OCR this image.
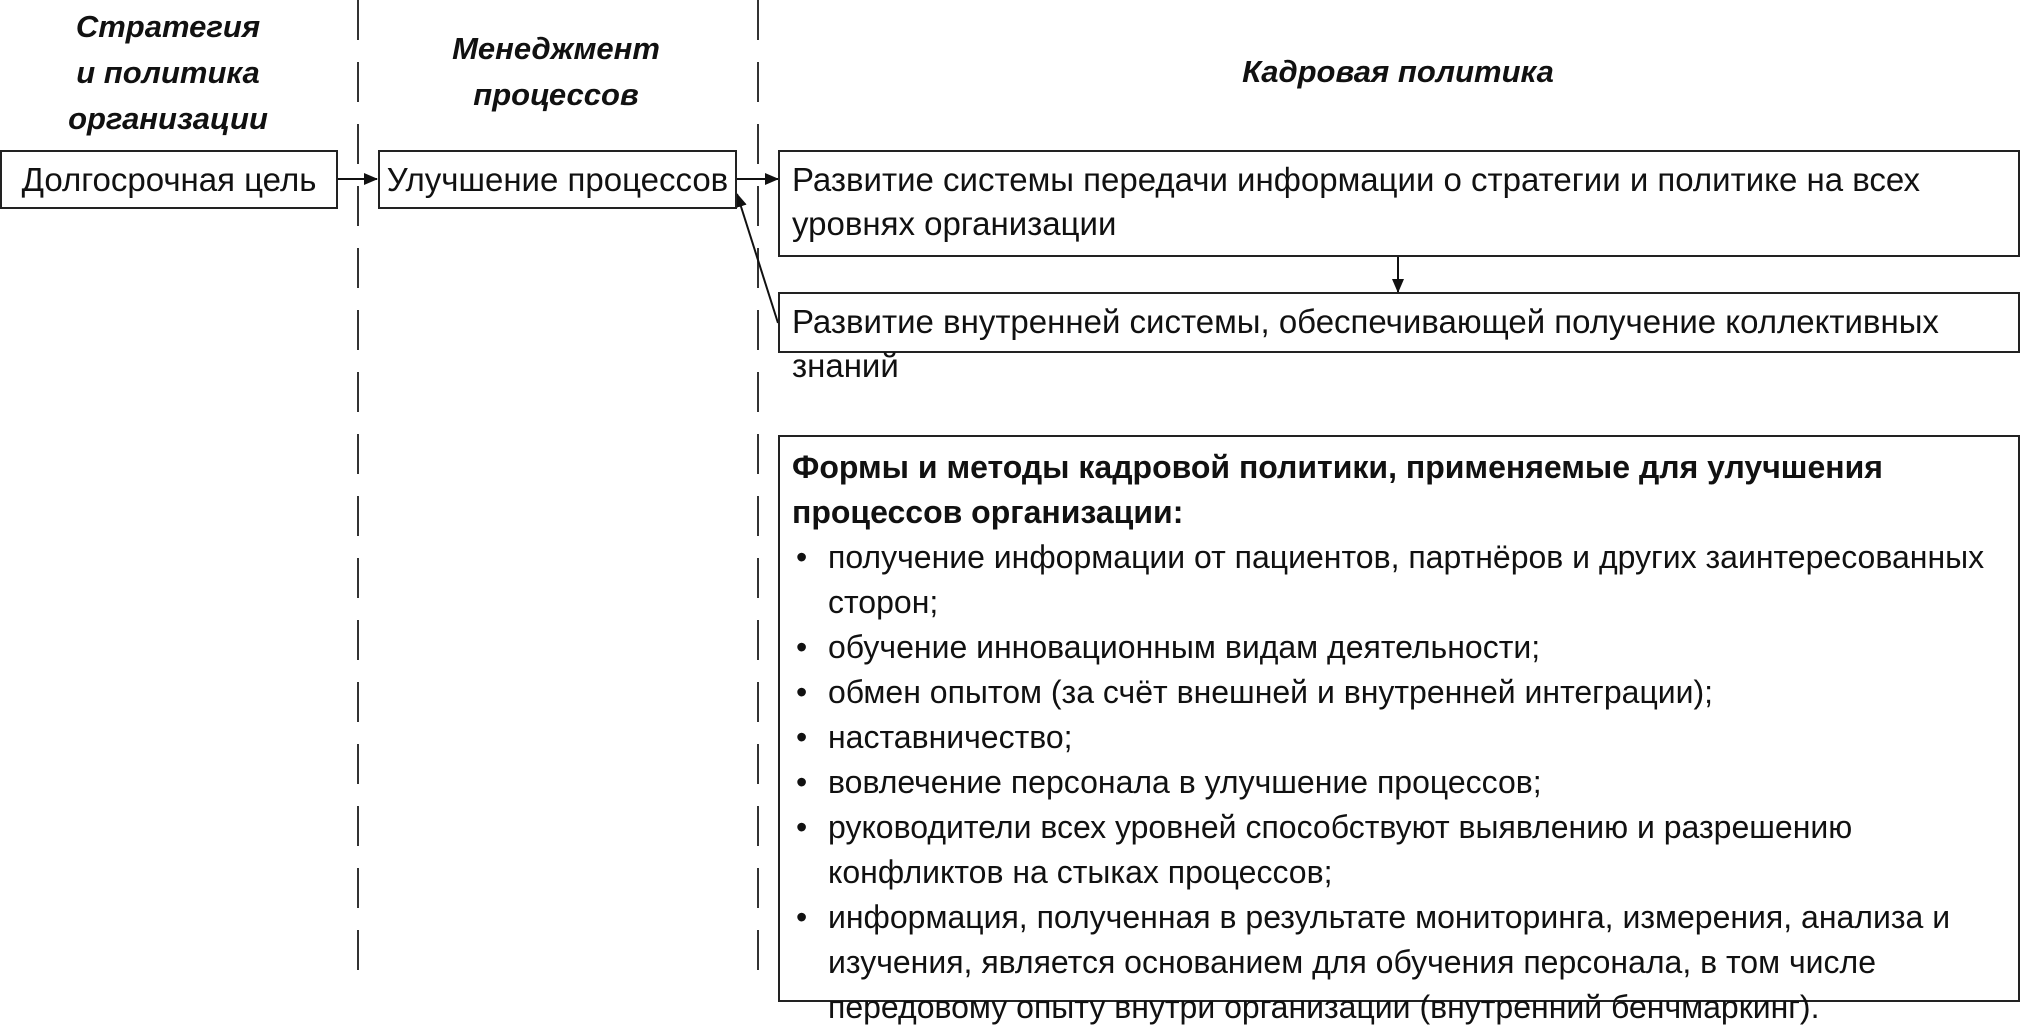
Стратегия
и политика
организации
Менеджмент
процессов
Кадровая политика
Долгосрочная цель Улучшение процессов Развитие системы передачи информации о стратегии и политике на всех уровнях организации
Развитие внутренней системы, обеспечивающей получение коллективных знаний
Формы и методы кадровой политики, применяемые для улучшения процессов организации:
• получение информации от пациентов, партнёров и других заинтересованных сторон;
• обучение инновационным видам деятельности;
• обмен опытом (за счёт внешней и внутренней интеграции);
• наставничество;
• вовлечение персонала в улучшение процессов;
• руководители всех уровней способствуют выявлению и разрешению конфликтов на стыках процессов;
• информация, полученная в результате мониторинга, измерения, анализа и изучения, является основанием для обучения персонала, в том числе передовому опыту внутри организации (внутренний бенчмаркинг).
